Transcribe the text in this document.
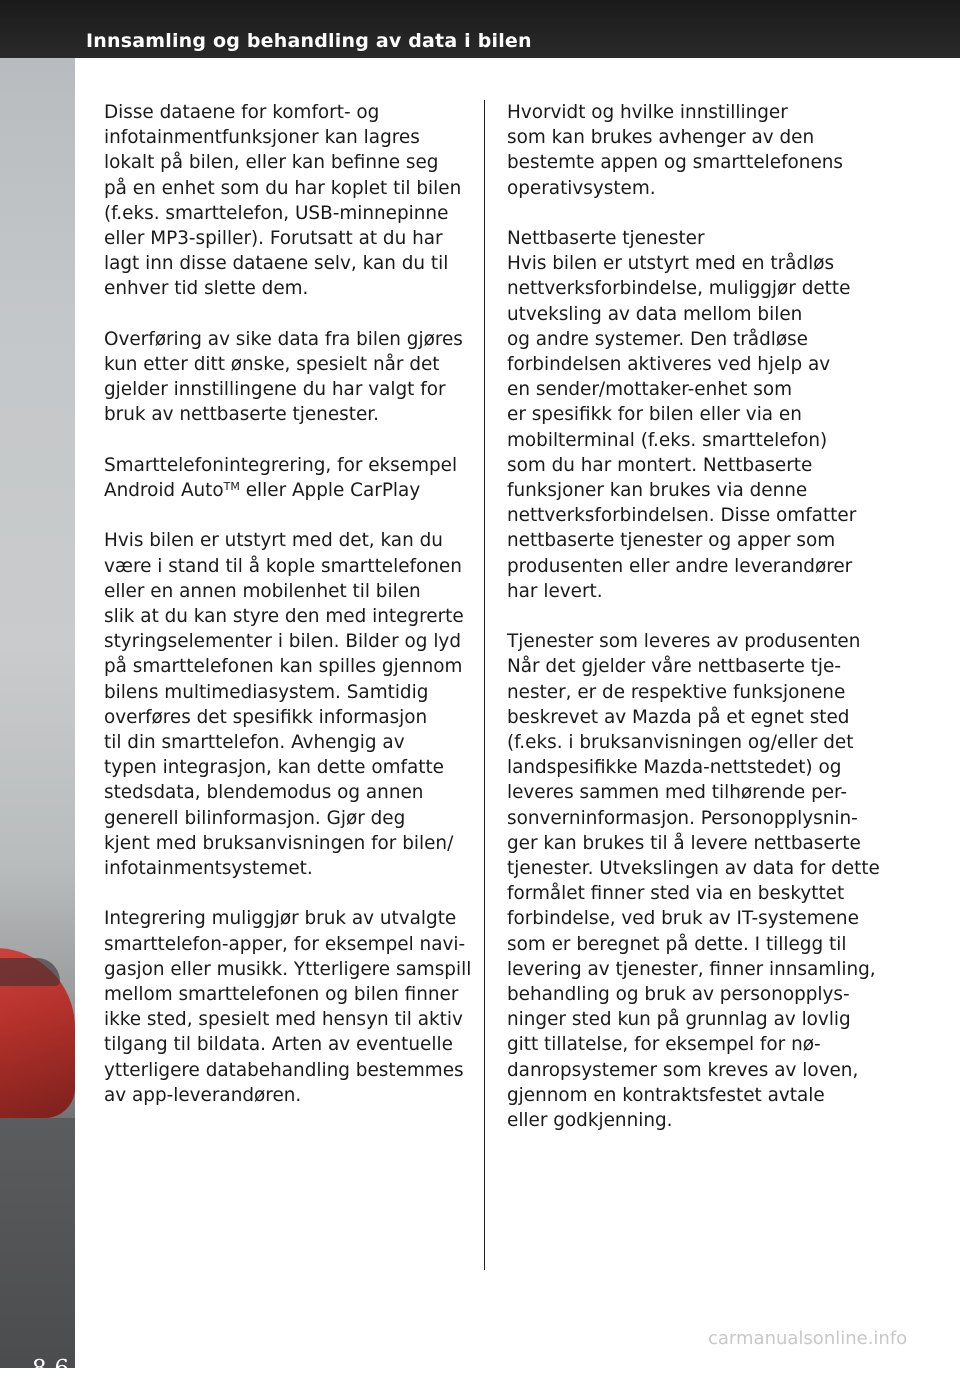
Innsamling og behandling av data i bilen
8-6
Disse dataene for komfort- og
infotainmentfunksjoner kan lagres
lokalt på bilen, eller kan befinne seg
på en enhet som du har koplet til bilen
(f.eks. smarttelefon, USB-minnepinne
eller MP3-spiller). Forutsatt at du har
lagt inn disse dataene selv, kan du til
enhver tid slette dem.
Overføring av sike data fra bilen gjøres
kun etter ditt ønske, spesielt når det
gjelder innstillingene du har valgt for
bruk av nettbaserte tjenester.
Smarttelefonintegrering, for eksempel
Android Auto™ eller Apple CarPlay
Hvis bilen er utstyrt med det, kan du
være i stand til å kople smarttelefonen
eller en annen mobilenhet til bilen
slik at du kan styre den med integrerte
styringselementer i bilen. Bilder og lyd
på smarttelefonen kan spilles gjennom
bilens multimediasystem. Samtidig
overføres det spesifikk informasjon
til din smarttelefon. Avhengig av
typen integrasjon, kan dette omfatte
stedsdata, blendemodus og annen
generell bilinformasjon. Gjør deg
kjent med bruksanvisningen for bilen/
infotainmentsystemet.
Integrering muliggjør bruk av utvalgte
smarttelefon-apper, for eksempel navi-
gasjon eller musikk. Ytterligere samspill
mellom smarttelefonen og bilen finner
ikke sted, spesielt med hensyn til aktiv
tilgang til bildata. Arten av eventuelle
ytterligere databehandling bestemmes
av app-leverandøren.
Hvorvidt og hvilke innstillinger
som kan brukes avhenger av den
bestemte appen og smarttelefonens
operativsystem.
Nettbaserte tjenester
Hvis bilen er utstyrt med en trådløs
nettverksforbindelse, muliggjør dette
utveksling av data mellom bilen
og andre systemer. Den trådløse
forbindelsen aktiveres ved hjelp av
en sender/mottaker-enhet som
er spesifikk for bilen eller via en
mobilterminal (f.eks. smarttelefon)
som du har montert. Nettbaserte
funksjoner kan brukes via denne
nettverksforbindelsen. Disse omfatter
nettbaserte tjenester og apper som
produsenten eller andre leverandører
har levert.
Tjenester som leveres av produsenten
Når det gjelder våre nettbaserte tje-
nester, er de respektive funksjonene
beskrevet av Mazda på et egnet sted
(f.eks. i bruksanvisningen og/eller det
landspesifikke Mazda-nettstedet) og
leveres sammen med tilhørende per-
sonverninformasjon. Personopplysnin-
ger kan brukes til å levere nettbaserte
tjenester. Utvekslingen av data for dette
formålet finner sted via en beskyttet
forbindelse, ved bruk av IT-systemene
som er beregnet på dette. I tillegg til
levering av tjenester, finner innsamling,
behandling og bruk av personopplys-
ninger sted kun på grunnlag av lovlig
gitt tillatelse, for eksempel for nø-
danropsystemer som kreves av loven,
gjennom en kontraktsfestet avtale
eller godkjenning.
carmanualsonline.info
